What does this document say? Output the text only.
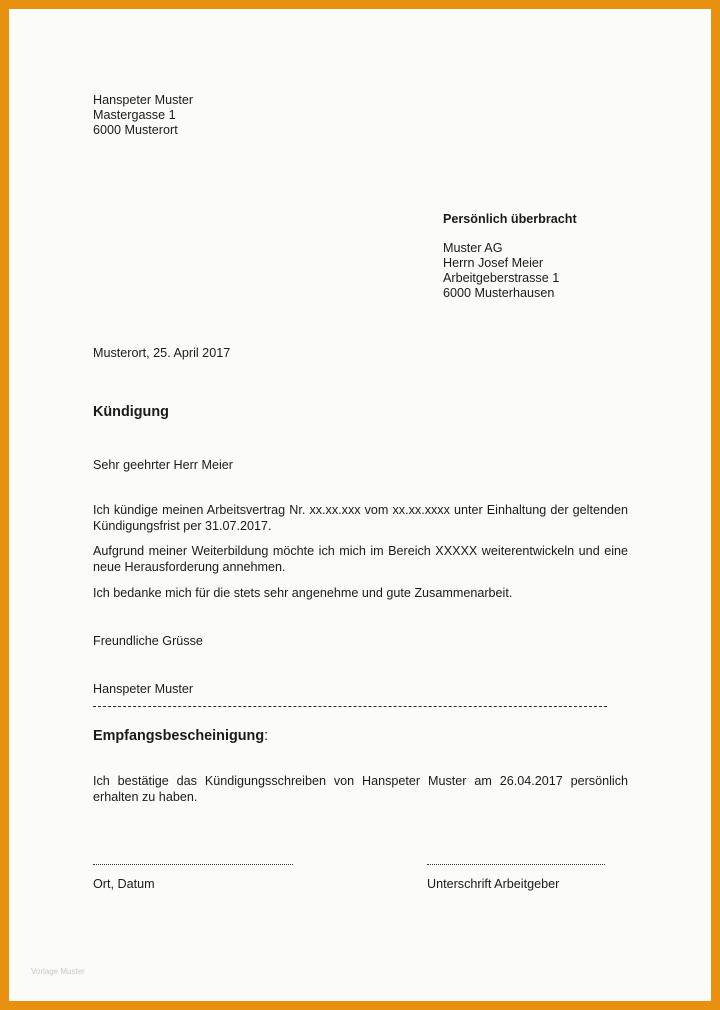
Hanspeter Muster
Mastergasse 1
6000 Musterort
Persönlich überbracht
Muster AG
Herrn Josef Meier
Arbeitgeberstrasse 1
6000 Musterhausen
Musterort, 25. April 2017
Kündigung
Sehr geehrter Herr Meier
Ich kündige meinen Arbeitsvertrag Nr. xx.xx.xxx vom xx.xx.xxxx unter Einhaltung der geltenden Kündigungsfrist per 31.07.2017.
Aufgrund meiner Weiterbildung möchte ich mich im Bereich XXXXX weiterentwickeln und eine neue Herausforderung annehmen.
Ich bedanke mich für die stets sehr angenehme und gute Zusammenarbeit.
Freundliche Grüsse
Hanspeter Muster
Empfangsbescheinigung:
Ich bestätige das Kündigungsschreiben von Hanspeter Muster am 26.04.2017 persönlich erhalten zu haben.
Ort, Datum	Unterschrift Arbeitgeber
Vorlage Muster
